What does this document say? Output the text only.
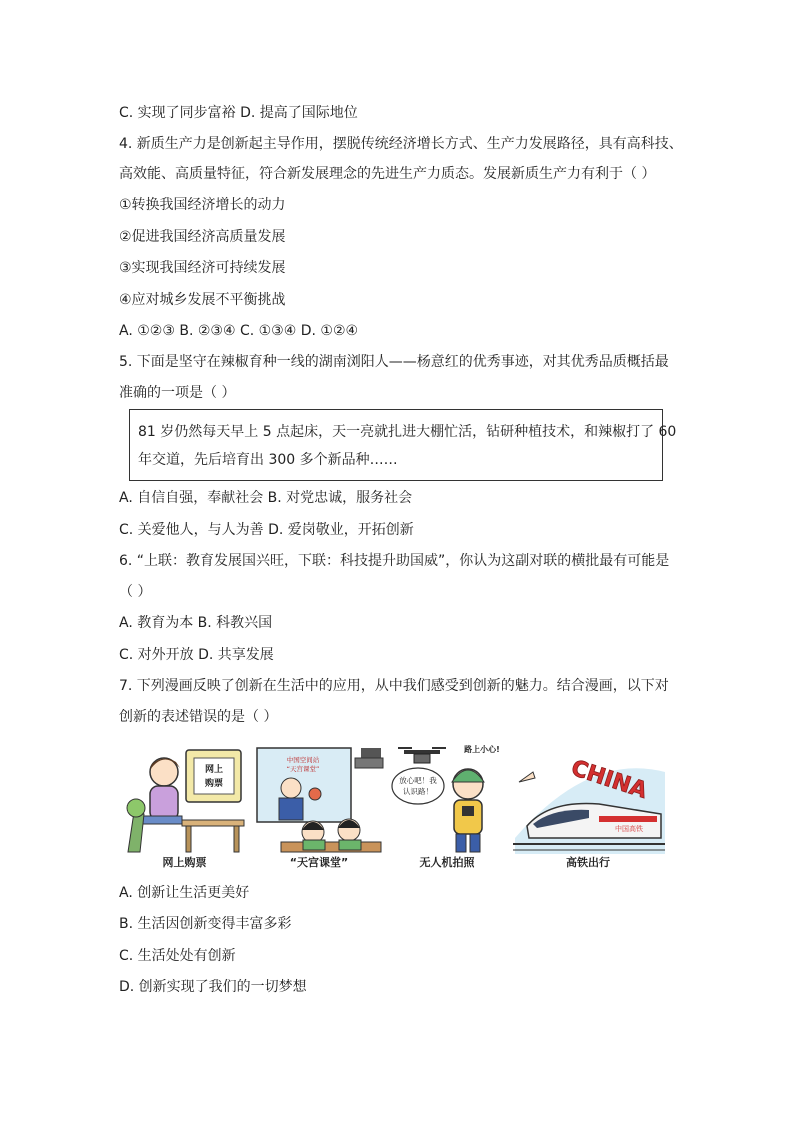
C. 实现了同步富裕 D. 提高了国际地位
4. 新质生产力是创新起主导作用，摆脱传统经济增长方式、生产力发展路径，具有高科技、
高效能、高质量特征，符合新发展理念的先进生产力质态。发展新质生产力有利于（ ）
①转换我国经济增长的动力
②促进我国经济高质量发展
③实现我国经济可持续发展
④应对城乡发展不平衡挑战
A. ①②③ B. ②③④ C. ①③④ D. ①②④
5. 下面是坚守在辣椒育种一线的湖南浏阳人——杨意红的优秀事迹，对其优秀品质概括最
准确的一项是（ ）
81 岁仍然每天早上 5 点起床，天一亮就扎进大棚忙活，钻研种植技术，和辣椒打了 60
年交道，先后培育出 300 多个新品种……
A. 自信自强，奉献社会 B. 对党忠诚，服务社会
C. 关爱他人，与人为善 D. 爱岗敬业，开拓创新
6. “上联：教育发展国兴旺，下联：科技提升助国威”，你认为这副对联的横批最有可能是
（ ）
A. 教育为本 B. 科教兴国
C. 对外开放 D. 共享发展
7. 下列漫画反映了创新在生活中的应用，从中我们感受到创新的魅力。结合漫画，以下对
创新的表述错误的是（ ）
网上
购票
网上购票
中国空间站
“天宫课堂”
“天宫课堂”
路上小心!
放心吧！我
认识路！
无人机拍照
CHINA
中国高铁
高铁出行
A. 创新让生活更美好
B. 生活因创新变得丰富多彩
C. 生活处处有创新
D. 创新实现了我们的一切梦想
